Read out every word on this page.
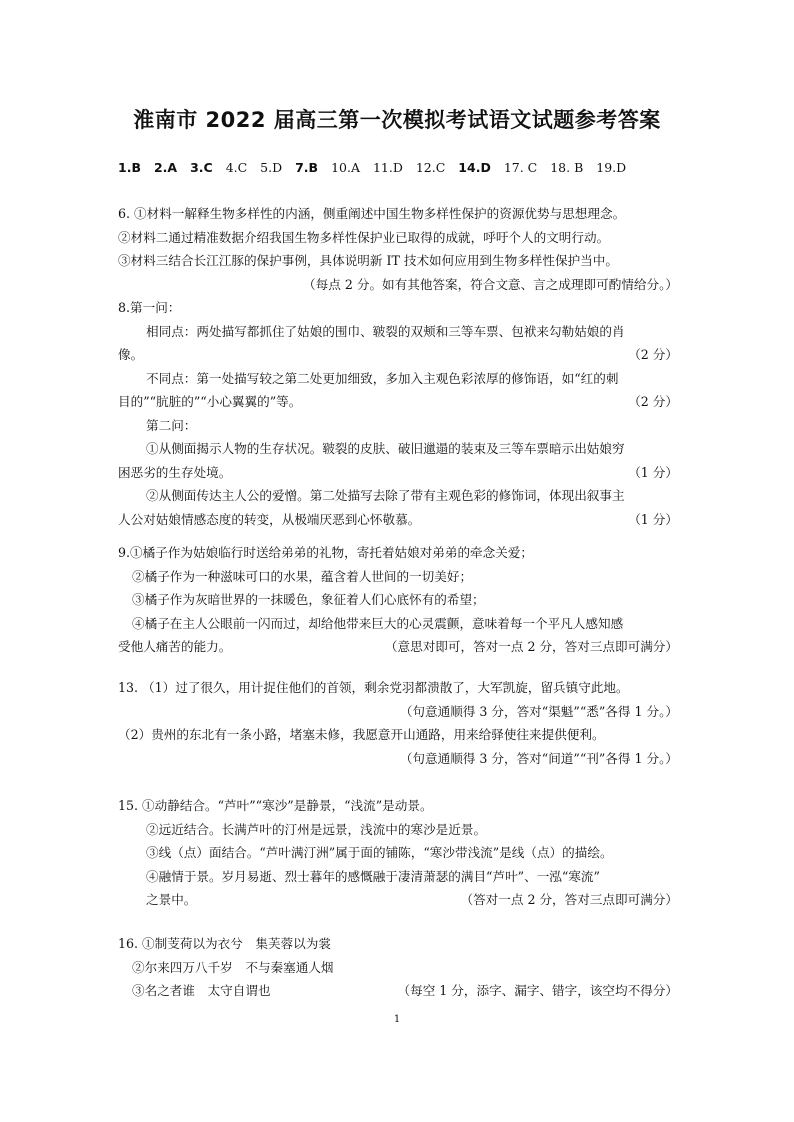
淮南市 2022 届高三第一次模拟考试语文试题参考答案
1.B 2.A 3.C 4.C 5.D 7.B 10.A 11.D 12.C 14.D 17. C 18. B 19.D
6. ①材料一解释生物多样性的内涵，侧重阐述中国生物多样性保护的资源优势与思想理念。
②材料二通过精准数据介绍我国生物多样性保护业已取得的成就，呼吁个人的文明行动。
③材料三结合长江江豚的保护事例，具体说明新 IT 技术如何应用到生物多样性保护当中。
（每点 2 分。如有其他答案，符合文意、言之成理即可酌情给分。）
8.第一问：
相同点：两处描写都抓住了姑娘的围巾、皲裂的双颊和三等车票、包袱来勾勒姑娘的肖
像。	（2 分）
不同点：第一处描写较之第二处更加细致，多加入主观色彩浓厚的修饰语，如“红的刺
目的”“肮脏的”“小心翼翼的”等。	（2 分）
第二问：
①从侧面揭示人物的生存状况。皲裂的皮肤、破旧邋遢的装束及三等车票暗示出姑娘穷
困恶劣的生存处境。	（1 分）
②从侧面传达主人公的爱憎。第二处描写去除了带有主观色彩的修饰词，体现出叙事主
人公对姑娘情感态度的转变，从极端厌恶到心怀敬慕。	（1 分）
9.①橘子作为姑娘临行时送给弟弟的礼物，寄托着姑娘对弟弟的牵念关爱；
②橘子作为一种滋味可口的水果，蕴含着人世间的一切美好；
③橘子作为灰暗世界的一抹暖色，象征着人们心底怀有的希望；
④橘子在主人公眼前一闪而过，却给他带来巨大的心灵震颤，意味着每一个平凡人感知感
受他人痛苦的能力。	（意思对即可，答对一点 2 分，答对三点即可满分）
13. （1）过了很久，用计捉住他们的首领，剩余党羽都溃散了，大军凯旋，留兵镇守此地。
（句意通顺得 3 分，答对“渠魁”“悉”各得 1 分。）
（2）贵州的东北有一条小路，堵塞未修，我愿意开山通路，用来给驿使往来提供便利。
（句意通顺得 3 分，答对“间道”“刊”各得 1 分。）
15. ①动静结合。“芦叶”“寒沙”是静景，“浅流”是动景。
②远近结合。长满芦叶的汀州是远景，浅流中的寒沙是近景。
③线（点）面结合。“芦叶满汀洲”属于面的铺陈，“寒沙带浅流”是线（点）的描绘。
④融情于景。岁月易逝、烈士暮年的感慨融于凄清萧瑟的满目“芦叶”、一泓“寒流”
之景中。	（答对一点 2 分，答对三点即可满分）
16. ①制芰荷以为衣兮　集芙蓉以为裳
②尔来四万八千岁　不与秦塞通人烟
③名之者谁　太守自谓也	（每空 1 分，添字、漏字、错字，该空均不得分）
1
